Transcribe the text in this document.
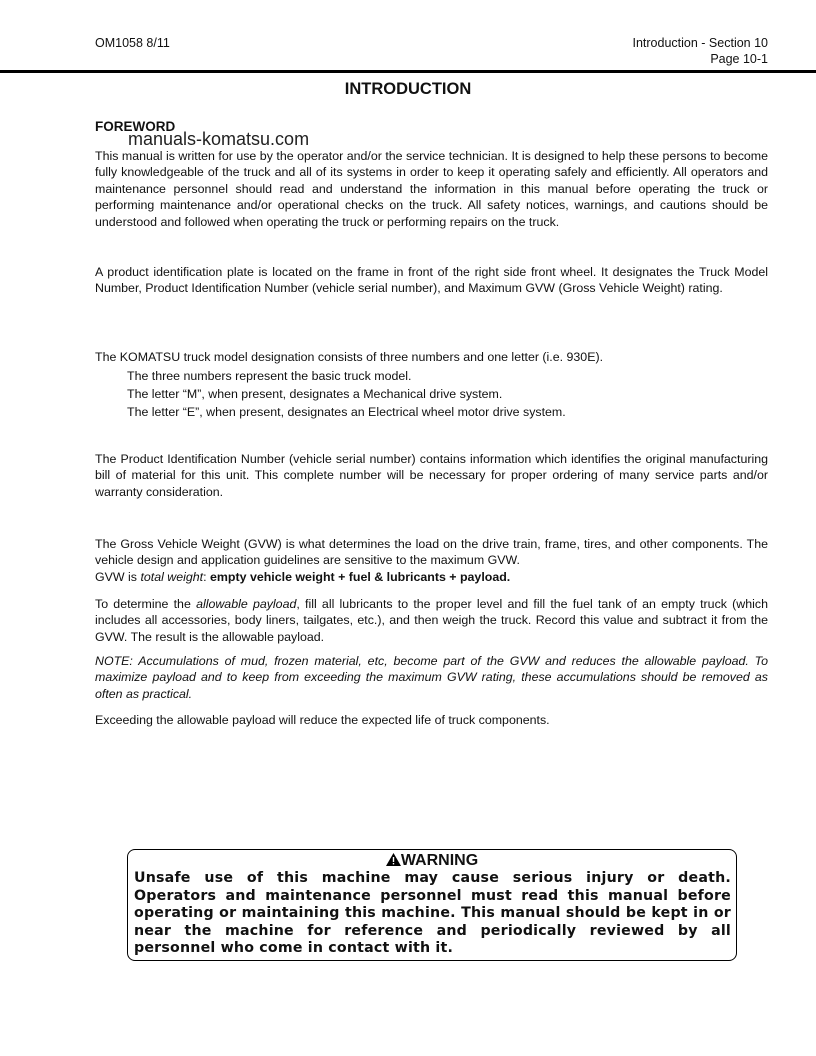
OM1058 8/11	Introduction - Section 10
Page 10-1
INTRODUCTION
FOREWORD
manuals-komatsu.com
This manual is written for use by the operator and/or the service technician. It is designed to help these persons to become fully knowledgeable of the truck and all of its systems in order to keep it operating safely and efficiently. All operators and maintenance personnel should read and understand the information in this manual before operating the truck or performing maintenance and/or operational checks on the truck. All safety notices, warnings, and cautions should be understood and followed when operating the truck or performing repairs on the truck.
A product identification plate is located on the frame in front of the right side front wheel. It designates the Truck Model Number, Product Identification Number (vehicle serial number), and Maximum GVW (Gross Vehicle Weight) rating.
The KOMATSU truck model designation consists of three numbers and one letter (i.e. 930E).
The three numbers represent the basic truck model.
The letter “M”, when present, designates a Mechanical drive system.
The letter “E”, when present, designates an Electrical wheel motor drive system.
The Product Identification Number (vehicle serial number) contains information which identifies the original manufacturing bill of material for this unit. This complete number will be necessary for proper ordering of many service parts and/or warranty consideration.
The Gross Vehicle Weight (GVW) is what determines the load on the drive train, frame, tires, and other components. The vehicle design and application guidelines are sensitive to the maximum GVW.
GVW is total weight: empty vehicle weight + fuel & lubricants + payload.
To determine the allowable payload, fill all lubricants to the proper level and fill the fuel tank of an empty truck (which includes all accessories, body liners, tailgates, etc.), and then weigh the truck. Record this value and subtract it from the GVW. The result is the allowable payload.
NOTE: Accumulations of mud, frozen material, etc, become part of the GVW and reduces the allowable payload. To maximize payload and to keep from exceeding the maximum GVW rating, these accumulations should be removed as often as practical.
Exceeding the allowable payload will reduce the expected life of truck components.
WARNING
Unsafe use of this machine may cause serious injury or death. Operators and maintenance personnel must read this manual before operating or maintaining this machine. This manual should be kept in or near the machine for reference and periodically reviewed by all personnel who come in contact with it.
